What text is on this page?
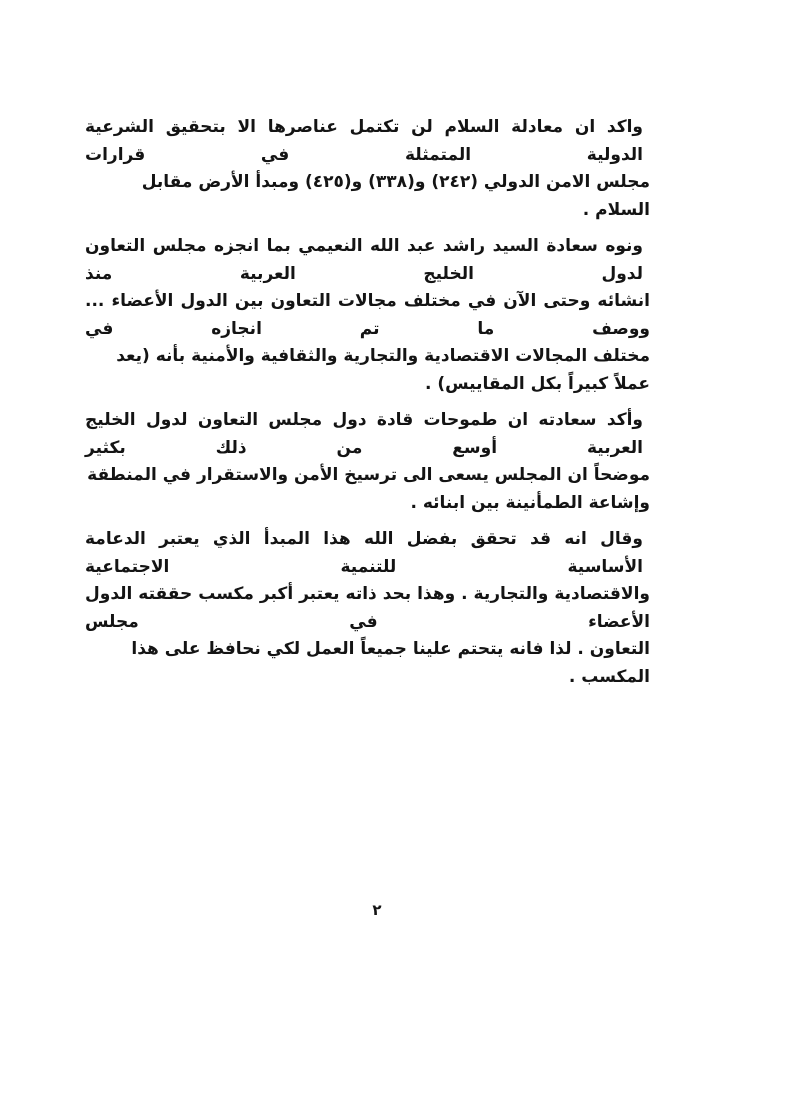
واكد ان معادلة السلام لن تكتمل عناصرها الا بتحقيق الشرعية الدولية المتمثلة في قرارات
مجلس الامن الدولي (٢٤٢) و(٣٣٨) و(٤٢٥) ومبدأ الأرض مقابل السلام .
ونوه سعادة السيد راشد عبد الله النعيمي بما انجزه مجلس التعاون لدول الخليج العربية منذ
انشائه وحتى الآن في مختلف مجالات التعاون بين الدول الأعضاء ... ووصف ما تم انجازه في
مختلف المجالات الاقتصادية والتجارية والثقافية والأمنية بأنه (يعد عملاً كبيراً بكل المقاييس) .
وأكد سعادته ان طموحات قادة دول مجلس التعاون لدول الخليج العربية أوسع من ذلك بكثير
موضحاً ان المجلس يسعى الى ترسيخ الأمن والاستقرار في المنطقة وإشاعة الطمأنينة بين ابنائه .
وقال انه قد تحقق بفضل الله هذا المبدأ الذي يعتبر الدعامة الأساسية للتنمية الاجتماعية
والاقتصادية والتجارية . وهذا بحد ذاته يعتبر أكبر مكسب حققته الدول الأعضاء في مجلس
التعاون . لذا فانه يتحتم علينا جميعاً العمل لكي نحافظ على هذا المكسب .
٢
